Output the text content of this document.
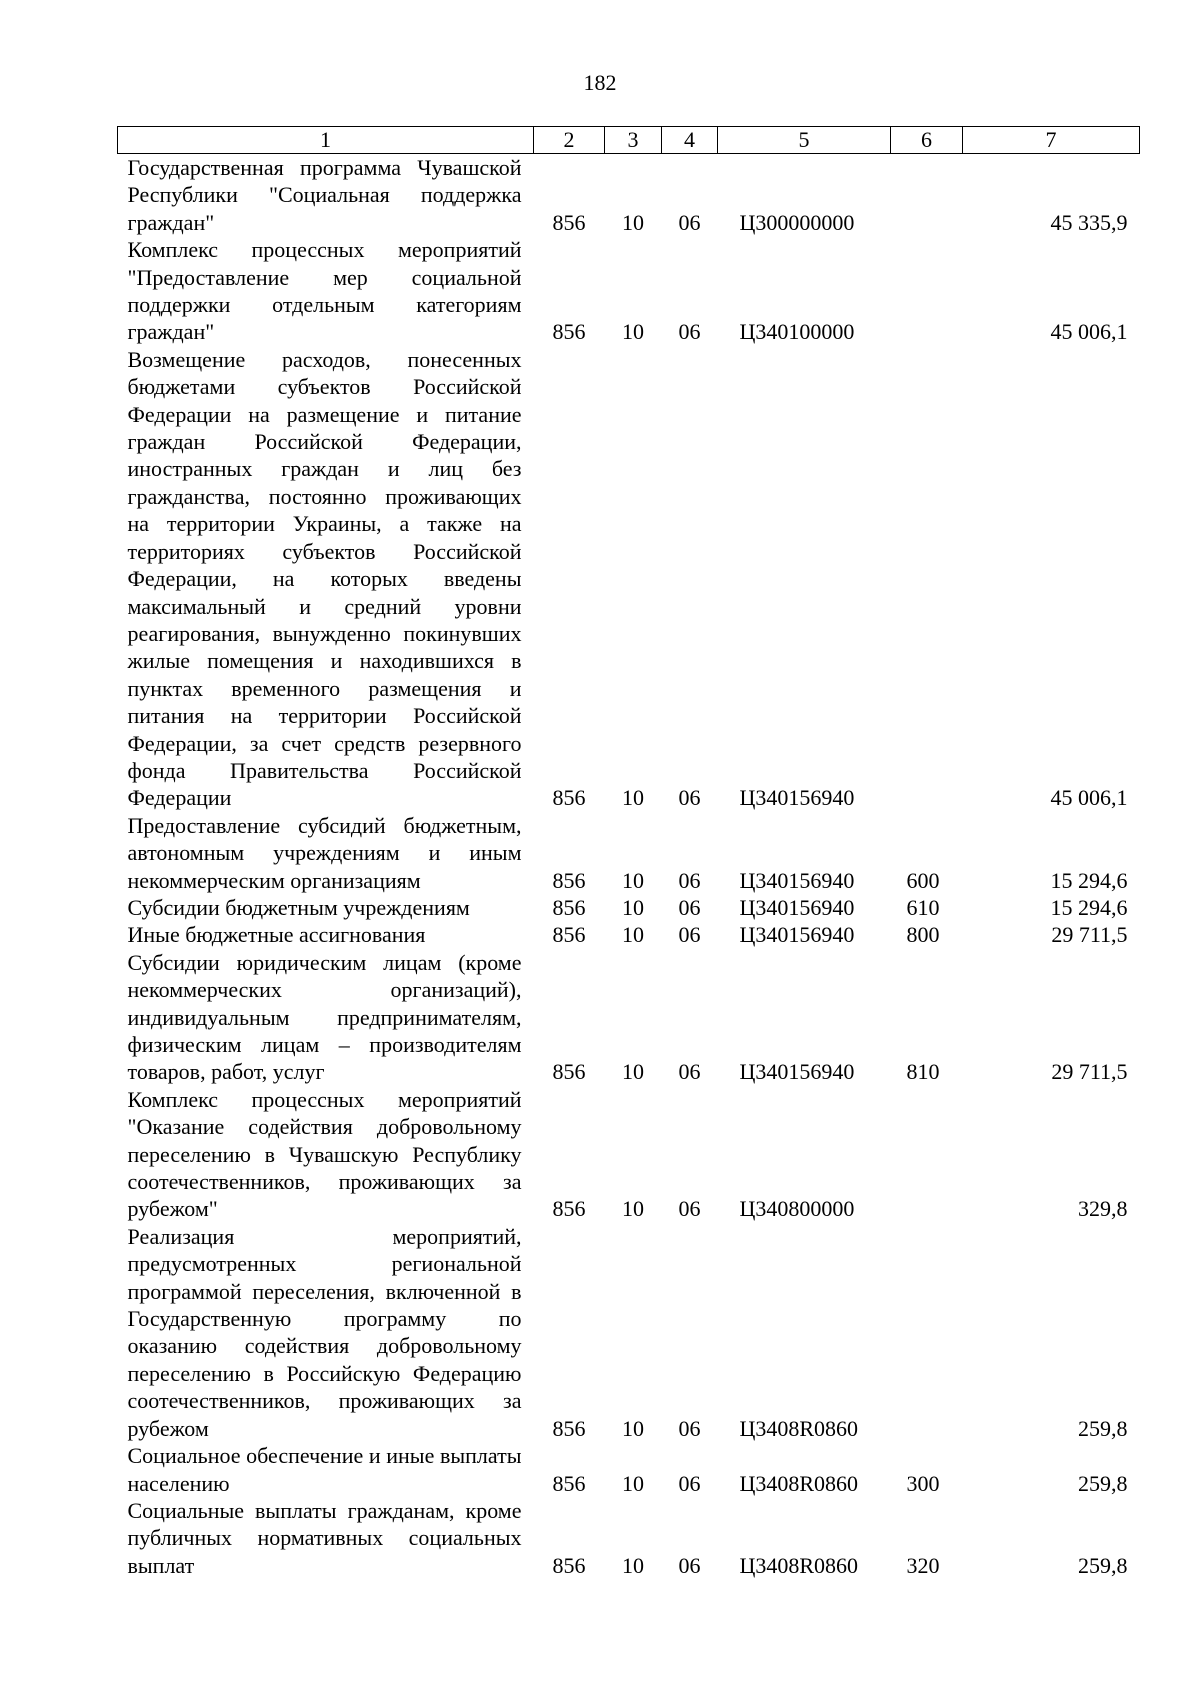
182
1	2	3	4	5	6	7
Государственная программа Чувашской Республики "Социальная поддержка граждан"	856	10	06	Ц300000000		45 335,9
Комплекс процессных мероприятий "Предоставление мер социальной поддержки отдельным категориям граждан"	856	10	06	Ц340100000		45 006,1
Возмещение расходов, понесенных бюджетами субъектов Российской Федерации на размещение и питание граждан Российской Федерации, иностранных граждан и лиц без гражданства, постоянно проживающих на территории Украины, а также на территориях субъектов Российской Федерации, на которых введены максимальный и средний уровни реагирования, вынужденно покинувших жилые помещения и находившихся в пунктах временного размещения и питания на территории Российской Федерации, за счет средств резервного фонда Правительства Российской Федерации	856	10	06	Ц340156940		45 006,1
Предоставление субсидий бюджетным, автономным учреждениям и иным некоммерческим организациям	856	10	06	Ц340156940	600	15 294,6
Субсидии бюджетным учреждениям	856	10	06	Ц340156940	610	15 294,6
Иные бюджетные ассигнования	856	10	06	Ц340156940	800	29 711,5
Субсидии юридическим лицам (кроме некоммерческих организаций), индивидуальным предпринимателям, физическим лицам – производителям товаров, работ, услуг	856	10	06	Ц340156940	810	29 711,5
Комплекс процессных мероприятий "Оказание содействия добровольному переселению в Чувашскую Республику соотечественников, проживающих за рубежом"	856	10	06	Ц340800000		329,8
Реализация мероприятий, предусмотренных региональной программой переселения, включенной в Государственную программу по оказанию содействия добровольному переселению в Российскую Федерацию соотечественников, проживающих за рубежом	856	10	06	Ц3408R0860		259,8
Социальное обеспечение и иные выплаты населению	856	10	06	Ц3408R0860	300	259,8
Социальные выплаты гражданам, кроме публичных нормативных социальных выплат	856	10	06	Ц3408R0860	320	259,8
